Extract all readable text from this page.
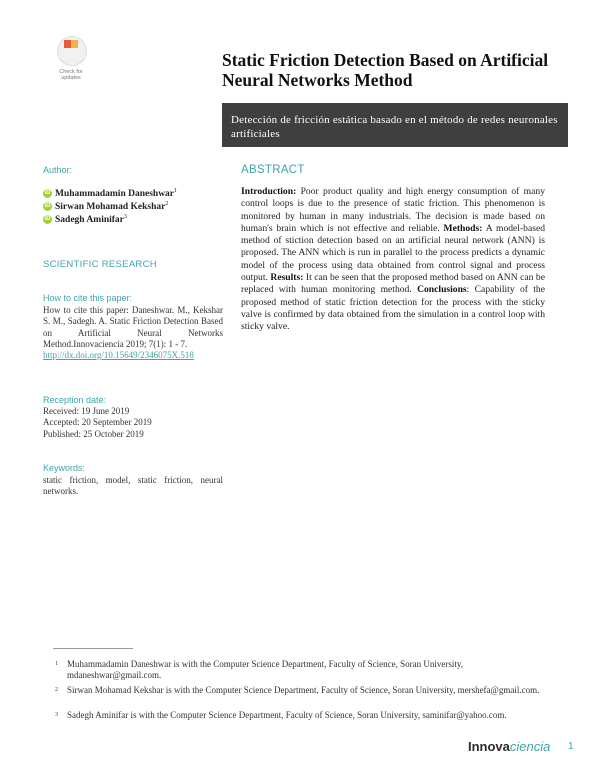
Check for
updates
Static Friction Detection Based on Artificial Neural Networks Method
Detección de fricción estática basado en el método de redes neuronales artificiales
Author:
iD Muhammadamin Daneshwar$^1$
iD Sirwan Mohamad Kekshar$^2$
iD Sadegh Aminifar$^3$
SCIENTIFIC RESEARCH
How to cite this paper:
How to cite this paper: Daneshwar. M., Kekshar S. M., Sadegh. A. Static Friction Detection Based on Artificial Neural Networks Method.Innovaciencia 2019; 7(1): 1 - 7.
http://dx.doi.org/10.15649/2346075X.518
Reception date:
Received: 19 June 2019
Accepted: 20 September 2019
Published: 25 October 2019
Keywords:
static friction, model, static friction, neural networks.
ABSTRACT
Introduction: Poor product quality and high energy consumption of many control loops is due to the presence of static friction. This phenomenon is monitored by human in many industrials. The decision is made based on human's brain which is not effective and reliable. Methods: A model-based method of stiction detection based on an artificial neural network (ANN) is proposed. The ANN which is run in parallel to the process predicts a dynamic model of the process using data obtained from control signal and process output. Results: It can be seen that the proposed method based on ANN can be replaced with human monitoring method. Conclusions: Capability of the proposed method of static friction detection for the process with the sticky valve is confirmed by data obtained from the simulation in a control loop with sticky valve.
1 Muhammadamin Daneshwar is with the Computer Science Department, Faculty of Science, Soran University, mdaneshwar@gmail.com.
2 Sirwan Mohamad Kekshar is with the Computer Science Department, Faculty of Science, Soran University, mershefa@gmail.com.
3 Sadegh Aminifar is with the Computer Science Department, Faculty of Science, Soran University, saminifar@yahoo.com.
Innovaciencia 1
